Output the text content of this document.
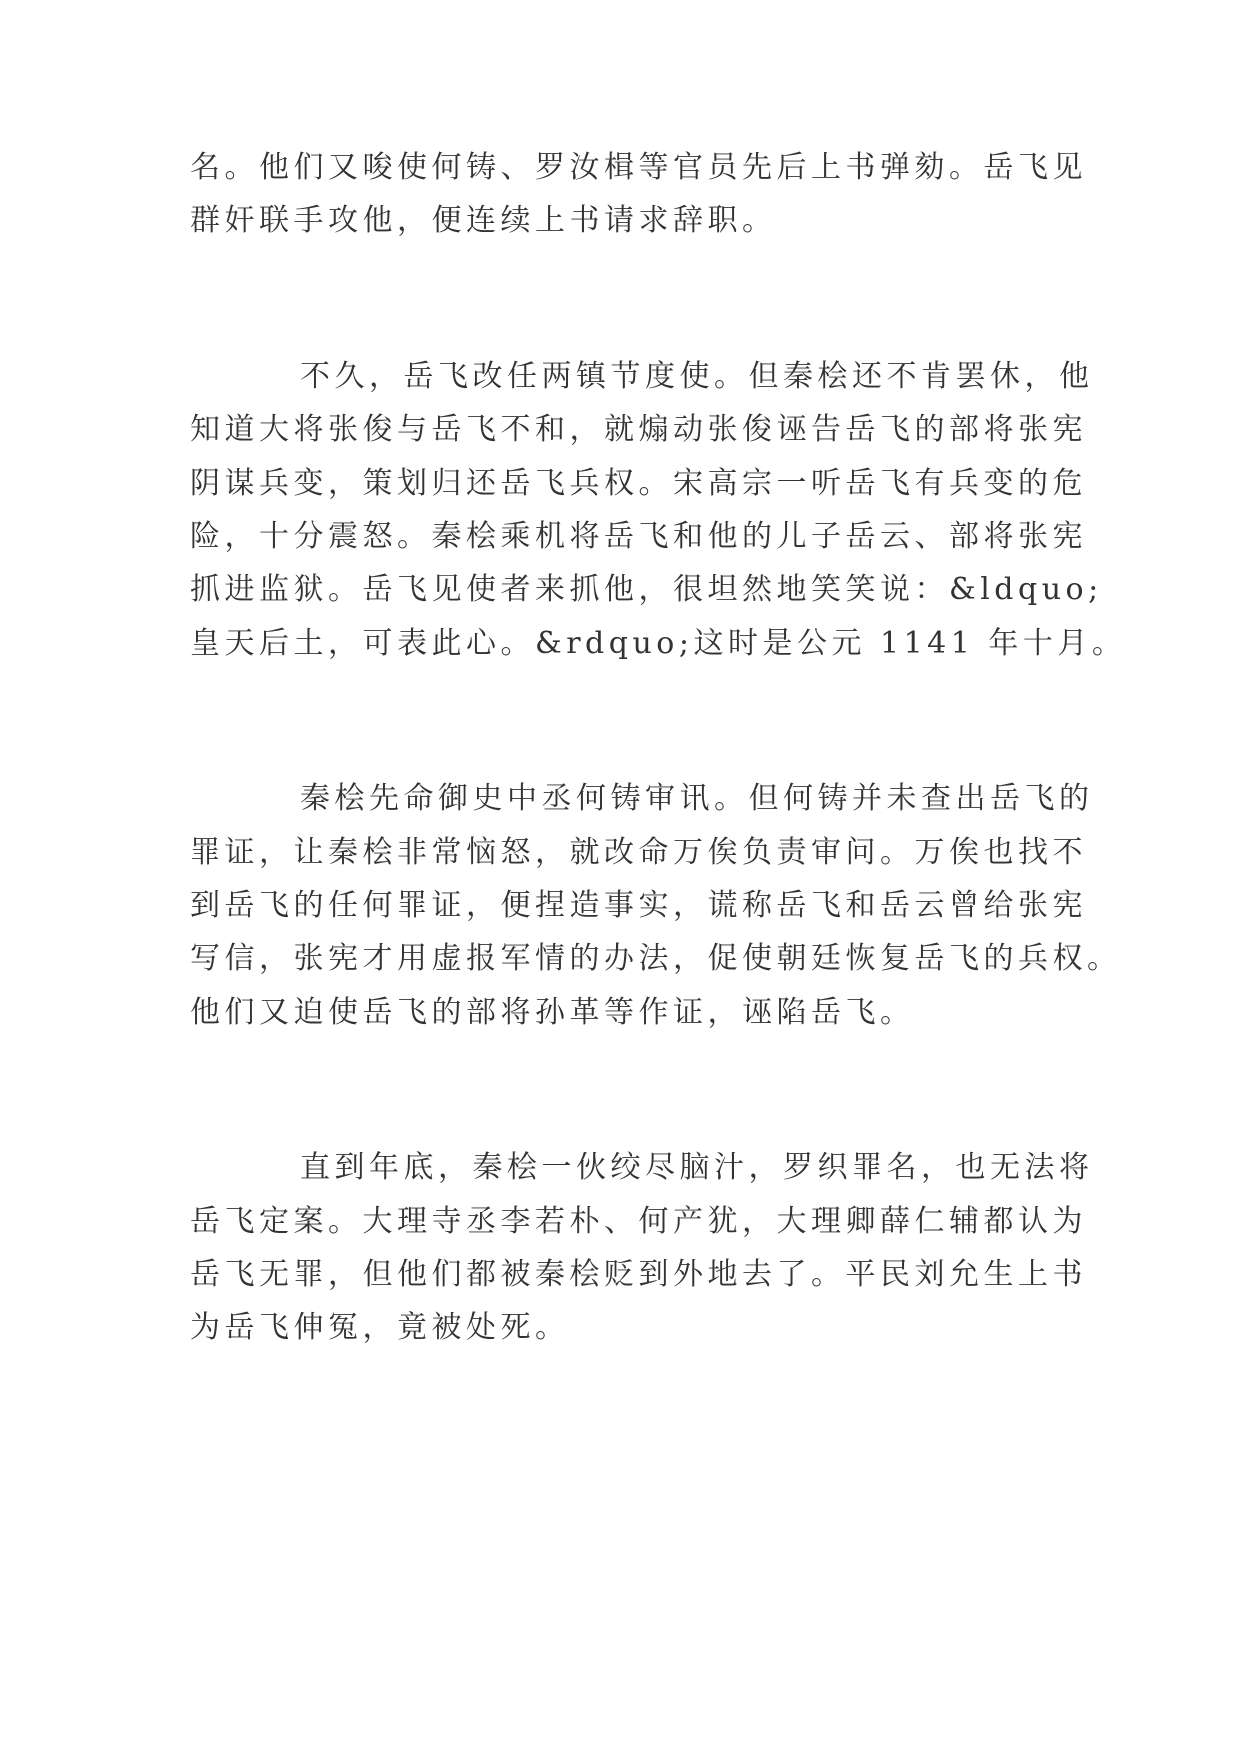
名。他们又唆使何铸、罗汝楫等官员先后上书弹劾。岳飞见
群奸联手攻他，便连续上书请求辞职。
不久，岳飞改任两镇节度使。但秦桧还不肯罢休，他
知道大将张俊与岳飞不和，就煽动张俊诬告岳飞的部将张宪
阴谋兵变，策划归还岳飞兵权。宋高宗一听岳飞有兵变的危
险，十分震怒。秦桧乘机将岳飞和他的儿子岳云、部将张宪
抓进监狱。岳飞见使者来抓他，很坦然地笑笑说：&ldquo;
皇天后土，可表此心。&rdquo;这时是公元 1141 年十月。
秦桧先命御史中丞何铸审讯。但何铸并未查出岳飞的
罪证，让秦桧非常恼怒，就改命万俟负责审问。万俟也找不
到岳飞的任何罪证，便捏造事实，谎称岳飞和岳云曾给张宪
写信，张宪才用虚报军情的办法，促使朝廷恢复岳飞的兵权。
他们又迫使岳飞的部将孙革等作证，诬陷岳飞。
直到年底，秦桧一伙绞尽脑汁，罗织罪名，也无法将
岳飞定案。大理寺丞李若朴、何产犹，大理卿薛仁辅都认为
岳飞无罪，但他们都被秦桧贬到外地去了。平民刘允生上书
为岳飞伸冤，竟被处死。
